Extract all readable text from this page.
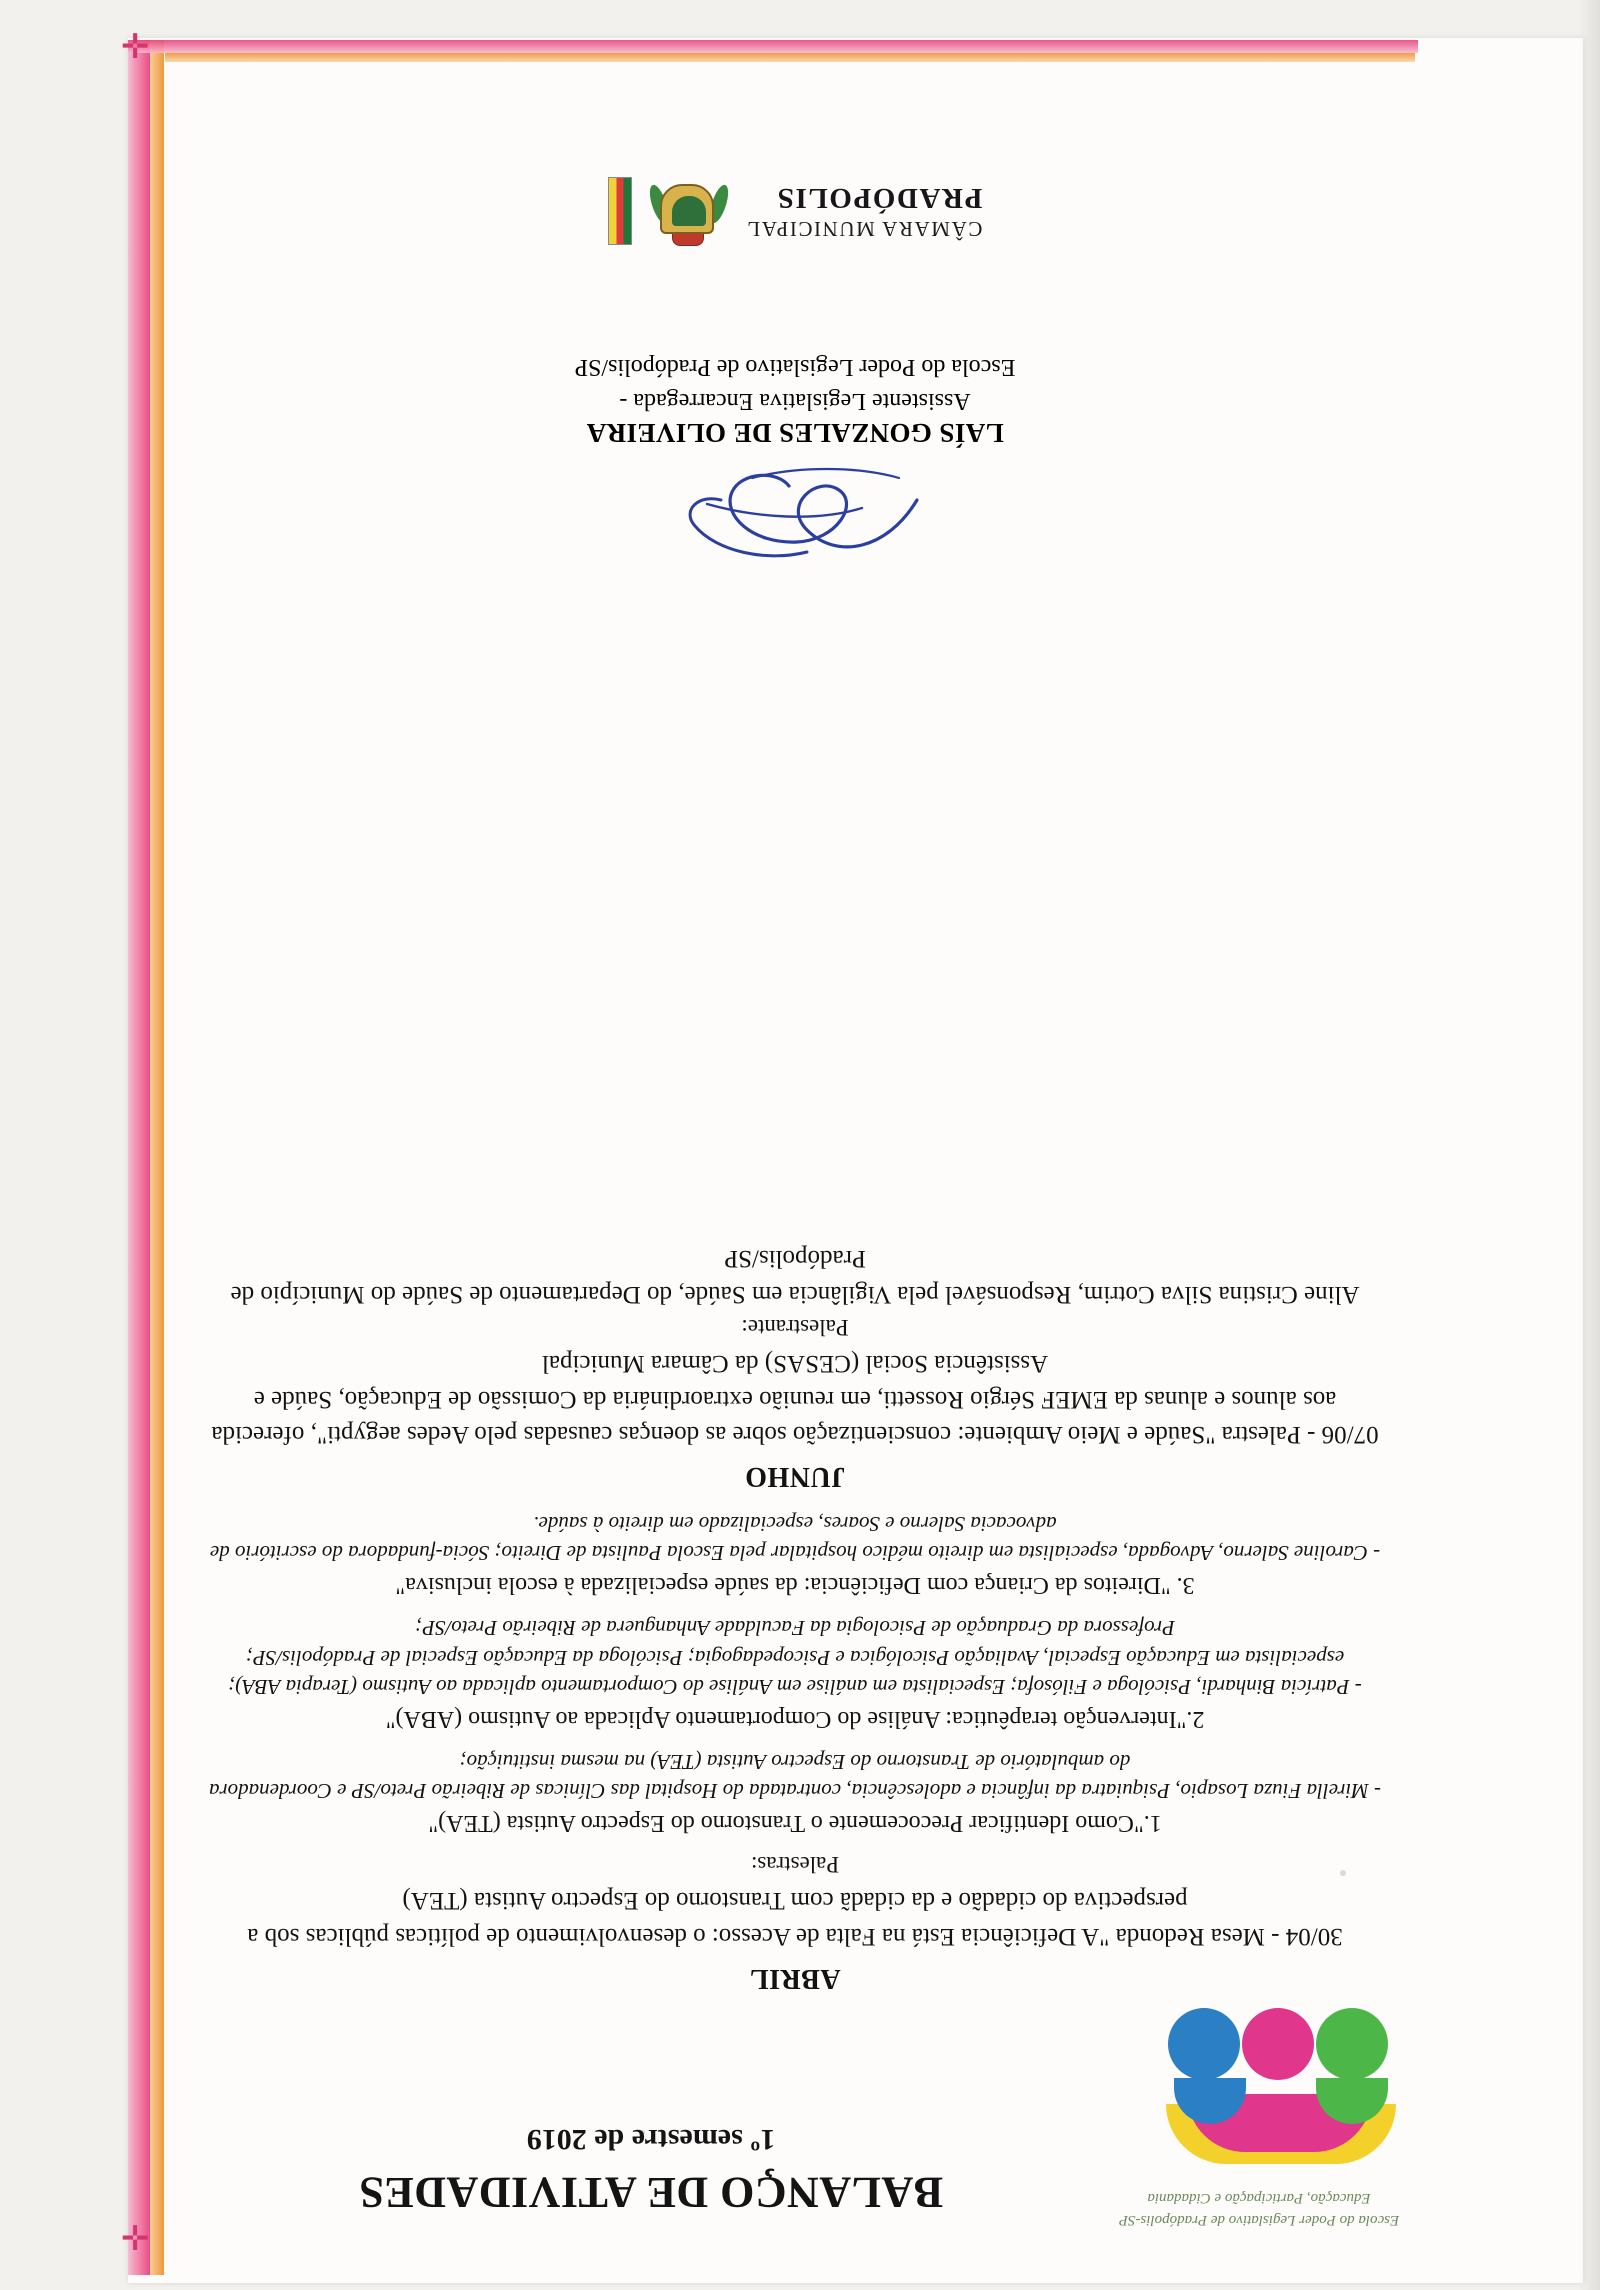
✛
✛	Escola do Poder Legislativo de Pradópolis-SP
Educação, Participação e Cidadania
BALANÇO DE ATIVIDADES
1º semestre de 2019
ABRIL

30/04 - Mesa Redonda "A Deficiência Está na Falta de Acesso: o desenvolvimento de políticas públicas sob a perspectiva do cidadão e da cidadã com Transtorno do Espectro Autista (TEA)

Palestras:

1."Como Identificar Precocemente o Transtorno do Espectro Autista (TEA)"

- Mirella Fiuza Losapio, Psiquiatra da infância e adolescência, contratada do Hospital das Clínicas de Ribeirão Preto/SP e Coordenadora do ambulatório de Transtorno do Espectro Autista (TEA) na mesma instituição;

2."Intervenção terapêutica: Análise do Comportamento Aplicada ao Autismo (ABA)"

- Patrícia Binhardi, Psicóloga e Filósofa; Especialista em análise em Análise do Comportamento aplicada ao Autismo (Terapia ABA); especialista em Educação Especial, Avaliação Psicológica e Psicopedagogia; Psicóloga da Educação Especial de Pradópolis/SP; Professora da Graduação de Psicologia da Faculdade Anhanguera de Ribeirão Preto/SP;

3. "Direitos da Criança com Deficiência: da saúde especializada à escola inclusiva"

- Caroline Salerno, Advogada, especialista em direito médico hospitalar pela Escola Paulista de Direito; Sócia-fundadora do escritório de advocacia Salerno e Soares, especializado em direito à saúde.

JUNHO

07/06 - Palestra "Saúde e Meio Ambiente: conscientização sobre as doenças causadas pelo Aedes aegypti", oferecida aos alunos e alunas da EMEF Sérgio Rossetti, em reunião extraordinária da Comissão de Educação, Saúde e Assistência Social (CESAS) da Câmara Municipal

Palestrante:

Aline Cristina Silva Cotrim, Responsável pela Vigilância em Saúde, do Departamento de Saúde do Município de Pradópolis/SP

LAÍS GONZALES DE OLIVEIRA
Assistente Legislativa Encarregada -
Escola do Poder Legislativo de Pradópolis/SP
CÂMARA MUNICIPAL
PRADÓPOLIS
